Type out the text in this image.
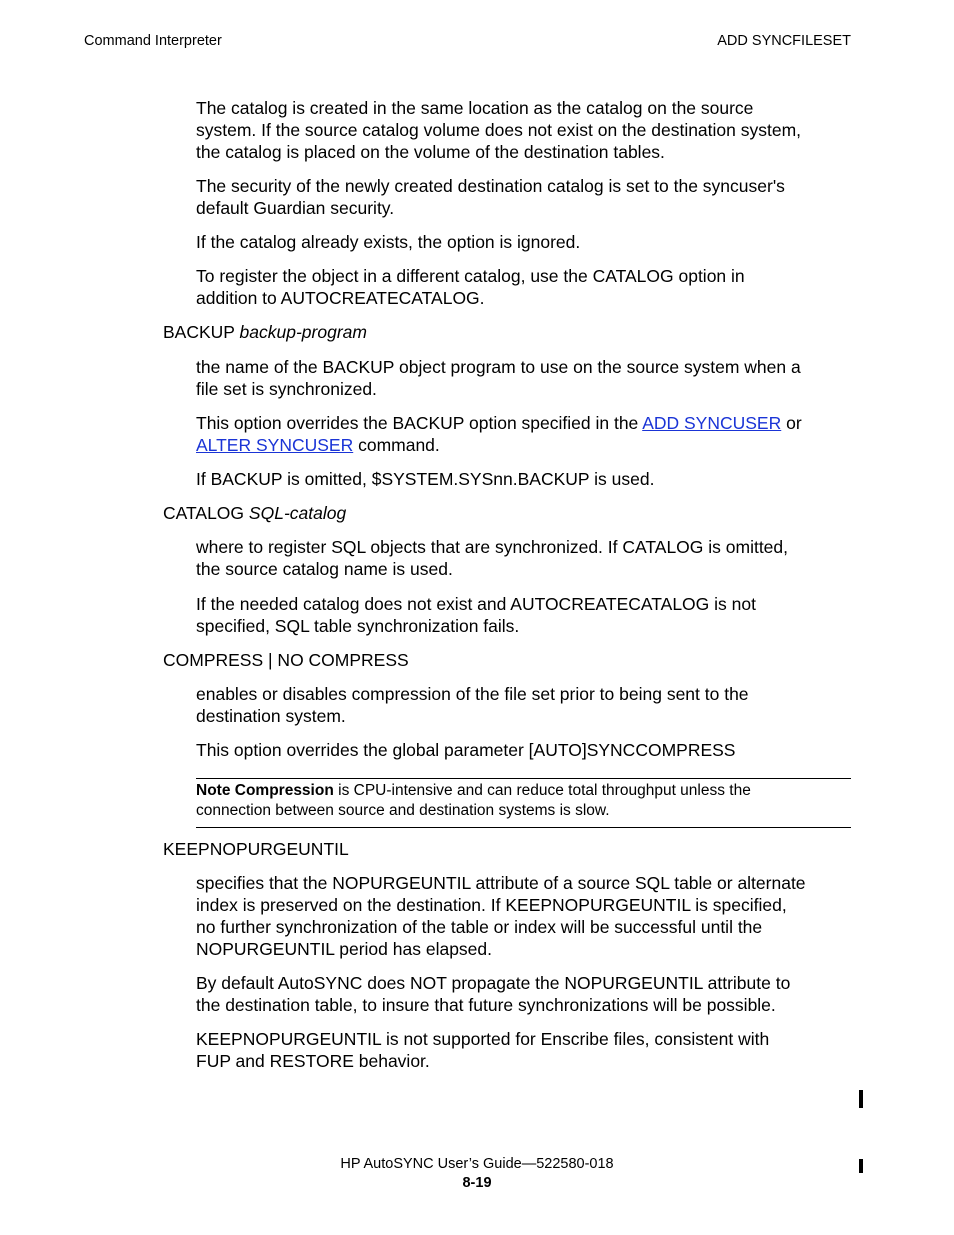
Command Interpreter	ADD SYNCFILESET
The catalog is created in the same location as the catalog on the source
system. If the source catalog volume does not exist on the destination system,
the catalog is placed on the volume of the destination tables.
The security of the newly created destination catalog is set to the syncuser's
default Guardian security.
If the catalog already exists, the option is ignored.
To register the object in a different catalog, use the CATALOG option in
addition to AUTOCREATECATALOG.
BACKUP backup-program
the name of the BACKUP object program to use on the source system when a
file set is synchronized.
This option overrides the BACKUP option specified in the ADD SYNCUSER or
ALTER SYNCUSER command.
If BACKUP is omitted, $SYSTEM.SYSnn.BACKUP is used.
CATALOG SQL-catalog
where to register SQL objects that are synchronized. If CATALOG is omitted,
the source catalog name is used.
If the needed catalog does not exist and AUTOCREATECATALOG is not
specified, SQL table synchronization fails.
COMPRESS | NO COMPRESS
enables or disables compression of the file set prior to being sent to the
destination system.
This option overrides the global parameter [AUTO]SYNCCOMPRESS
Note Compression is CPU-intensive and can reduce total throughput unless the
connection between source and destination systems is slow.
KEEPNOPURGEUNTIL
specifies that the NOPURGEUNTIL attribute of a source SQL table or alternate
index is preserved on the destination. If KEEPNOPURGEUNTIL is specified,
no further synchronization of the table or index will be successful until the
NOPURGEUNTIL period has elapsed.
By default AutoSYNC does NOT propagate the NOPURGEUNTIL attribute to
the destination table, to insure that future synchronizations will be possible.
KEEPNOPURGEUNTIL is not supported for Enscribe files, consistent with
FUP and RESTORE behavior.
HP AutoSYNC User’s Guide—522580-018
8-19
